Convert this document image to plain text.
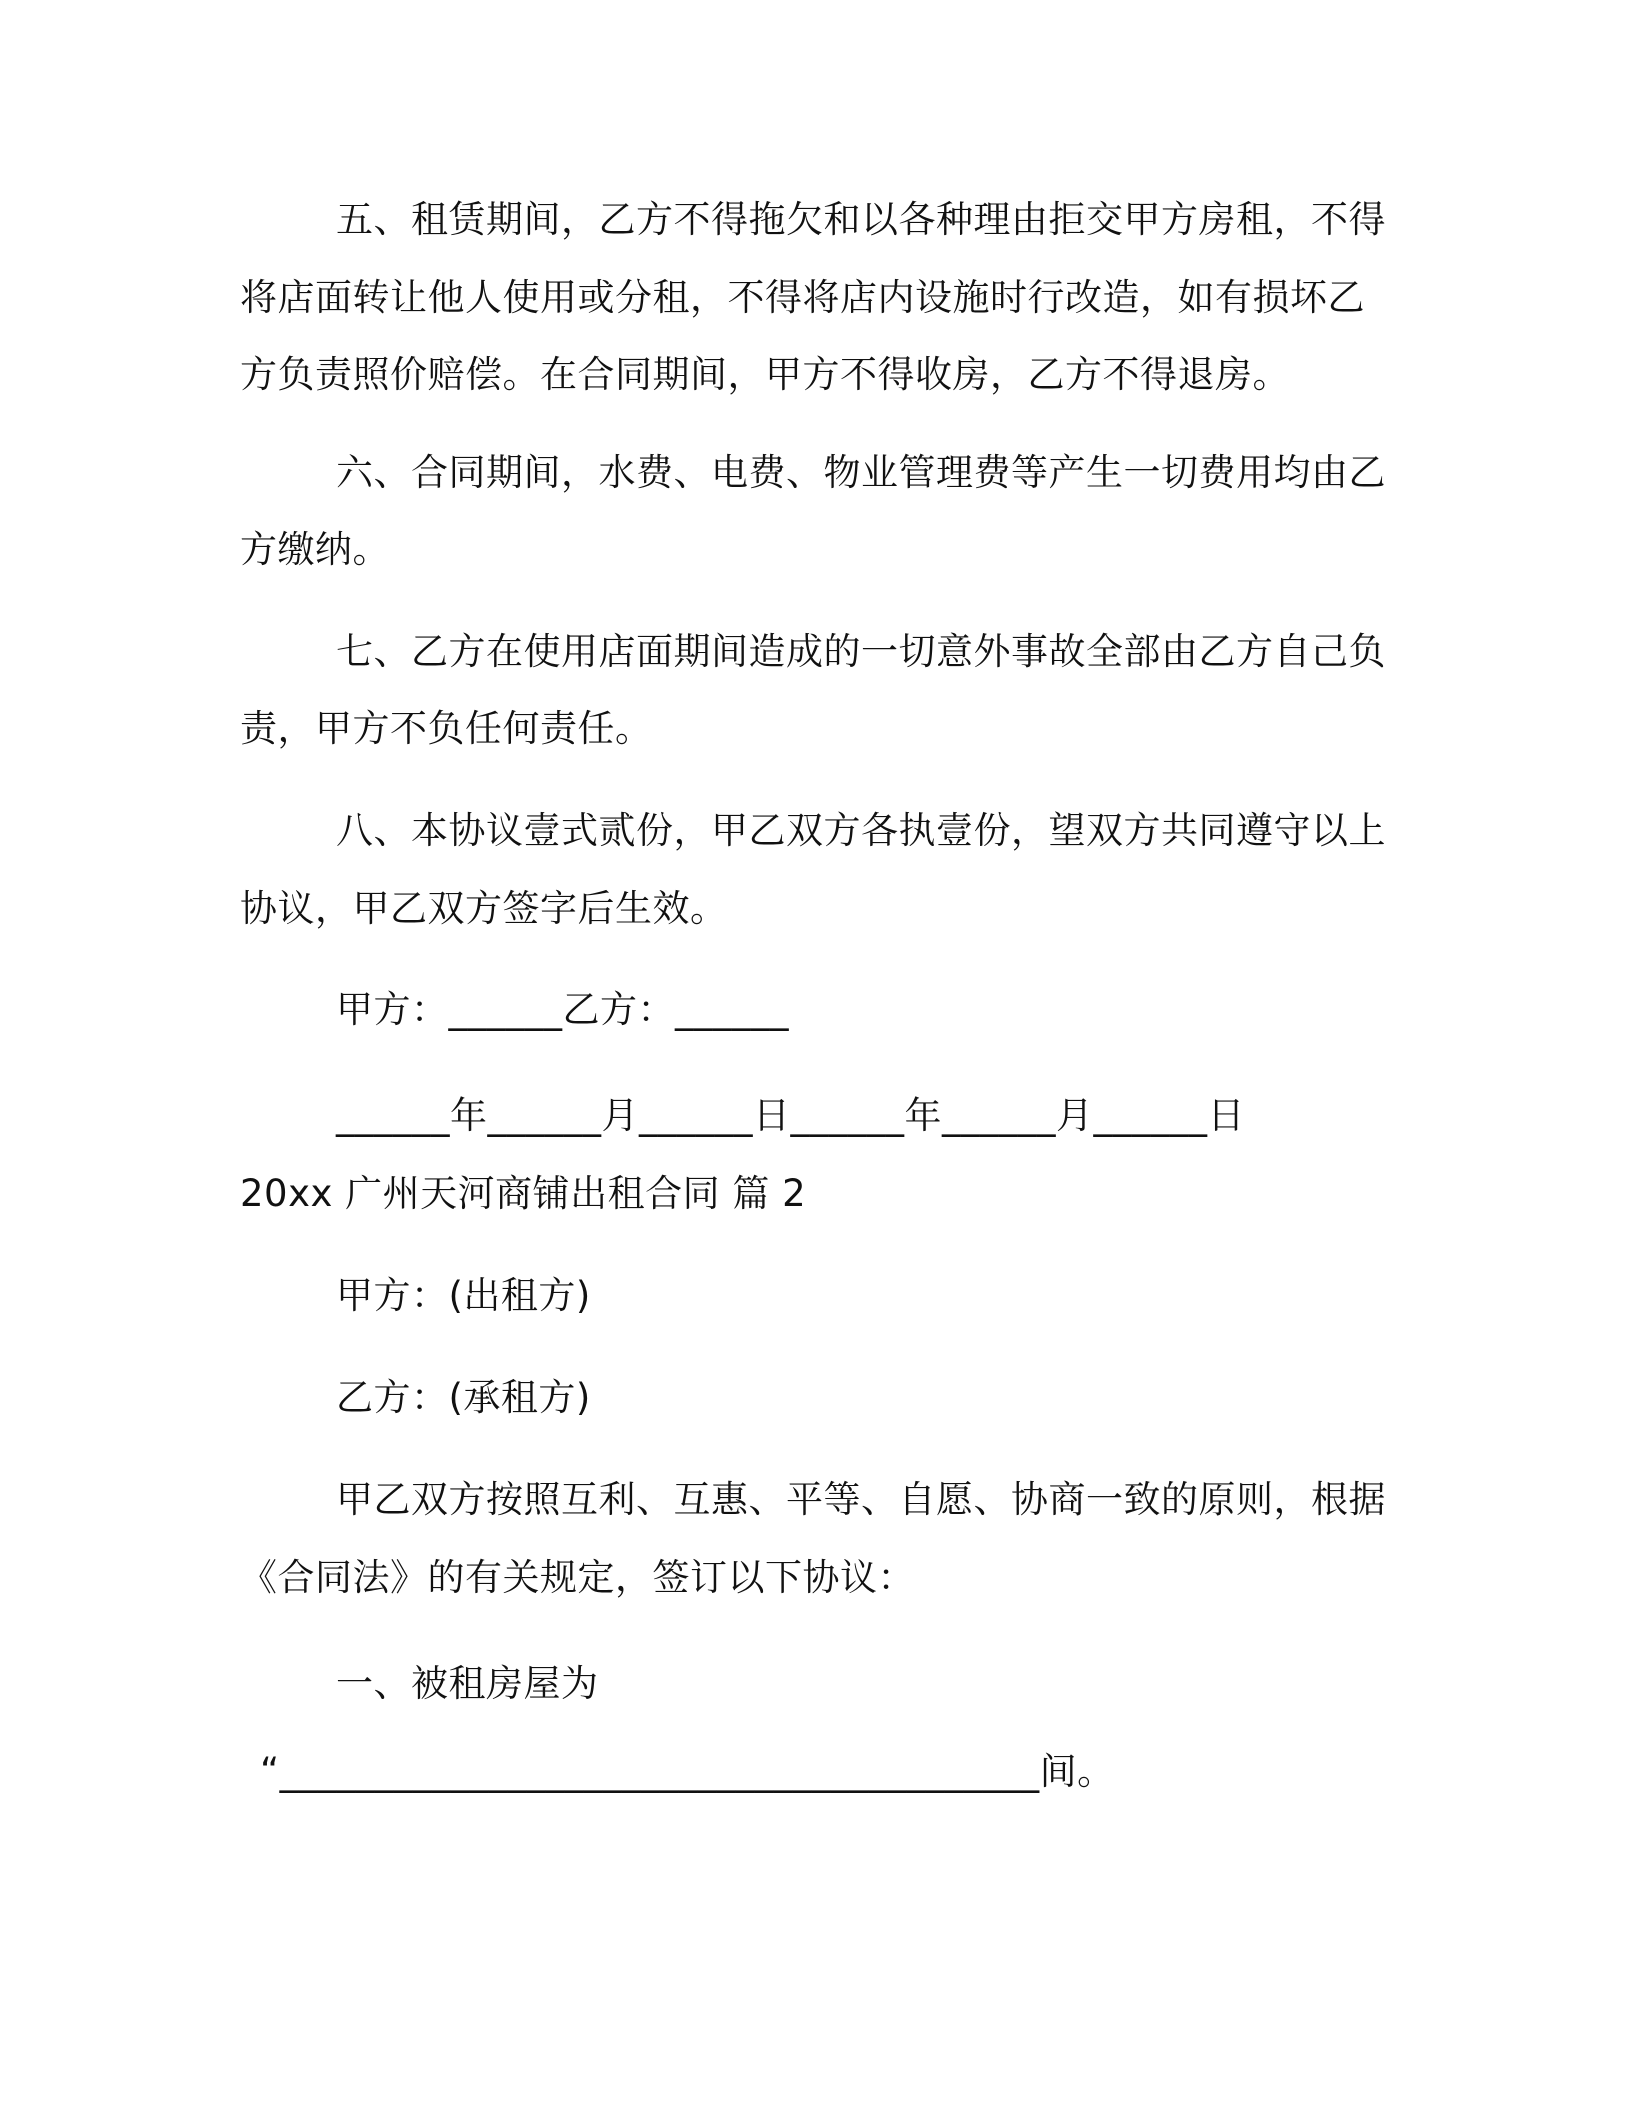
五、租赁期间，乙方不得拖欠和以各种理由拒交甲方房租，不得
将店面转让他人使用或分租，不得将店内设施时行改造，如有损坏乙
方负责照价赔偿。在合同期间，甲方不得收房，乙方不得退房。
六、合同期间，水费、电费、物业管理费等产生一切费用均由乙
方缴纳。
七、乙方在使用店面期间造成的一切意外事故全部由乙方自己负
责，甲方不负任何责任。
八、本协议壹式贰份，甲乙双方各执壹份，望双方共同遵守以上
协议，甲乙双方签字后生效。
甲方：______乙方：______
______年______月______日______年______月______日
20xx 广州天河商铺出租合同 篇 2
甲方：(出租方)
乙方：(承租方)
甲乙双方按照互利、互惠、平等、自愿、协商一致的原则，根据
《合同法》的有关规定，签订以下协议：
一、被租房屋为
“________________________________________间。
